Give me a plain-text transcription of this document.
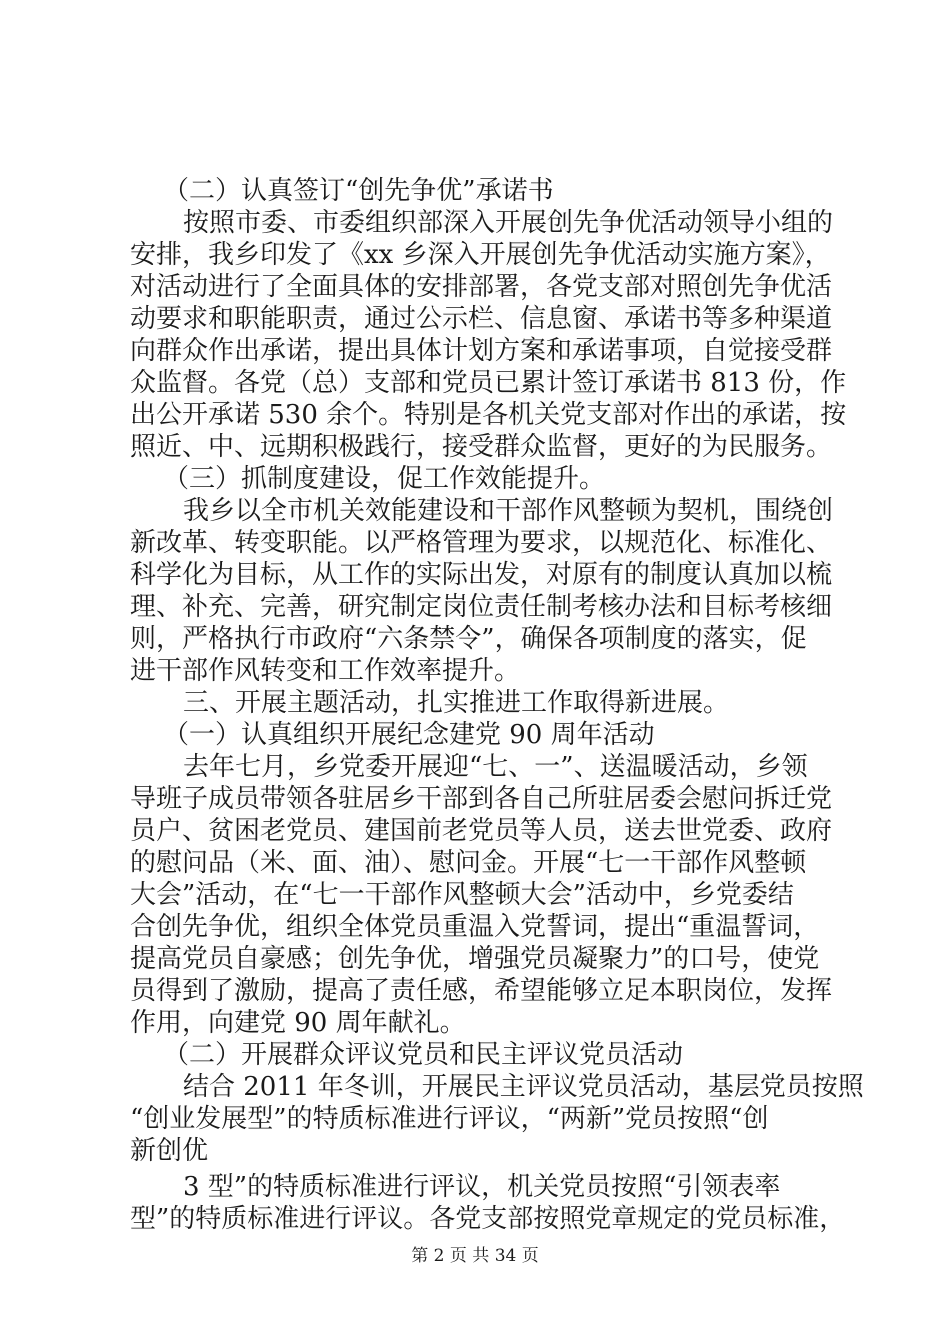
（二）认真签订“创先争优”承诺书
按照市委、市委组织部深入开展创先争优活动领导小组的
安排，我乡印发了《xx 乡深入开展创先争优活动实施方案》，
对活动进行了全面具体的安排部署，各党支部对照创先争优活
动要求和职能职责，通过公示栏、信息窗、承诺书等多种渠道
向群众作出承诺，提出具体计划方案和承诺事项，自觉接受群
众监督。各党（总）支部和党员已累计签订承诺书 813 份，作
出公开承诺 530 余个。特别是各机关党支部对作出的承诺，按
照近、中、远期积极践行，接受群众监督，更好的为民服务。
（三）抓制度建设，促工作效能提升。
我乡以全市机关效能建设和干部作风整顿为契机，围绕创
新改革、转变职能。以严格管理为要求，以规范化、标准化、
科学化为目标，从工作的实际出发，对原有的制度认真加以梳
理、补充、完善，研究制定岗位责任制考核办法和目标考核细
则，严格执行市政府“六条禁令”，确保各项制度的落实，促
进干部作风转变和工作效率提升。
三、开展主题活动，扎实推进工作取得新进展。
（一）认真组织开展纪念建党 90 周年活动
去年七月，乡党委开展迎“七、一”、送温暖活动，乡领
导班子成员带领各驻居乡干部到各自己所驻居委会慰问拆迁党
员户、贫困老党员、建国前老党员等人员，送去世党委、政府
的慰问品（米、面、油）、慰问金。开展“七一干部作风整顿
大会”活动，在“七一干部作风整顿大会”活动中，乡党委结
合创先争优，组织全体党员重温入党誓词，提出“重温誓词，
提高党员自豪感；创先争优，增强党员凝聚力”的口号，使党
员得到了激励，提高了责任感，希望能够立足本职岗位，发挥
作用，向建党 90 周年献礼。
（二）开展群众评议党员和民主评议党员活动
结合 2011 年冬训，开展民主评议党员活动，基层党员按照
“创业发展型”的特质标准进行评议，“两新”党员按照“创
新创优
3 型”的特质标准进行评议，机关党员按照“引领表率
型”的特质标准进行评议。各党支部按照党章规定的党员标准，
第 2 页 共 34 页
